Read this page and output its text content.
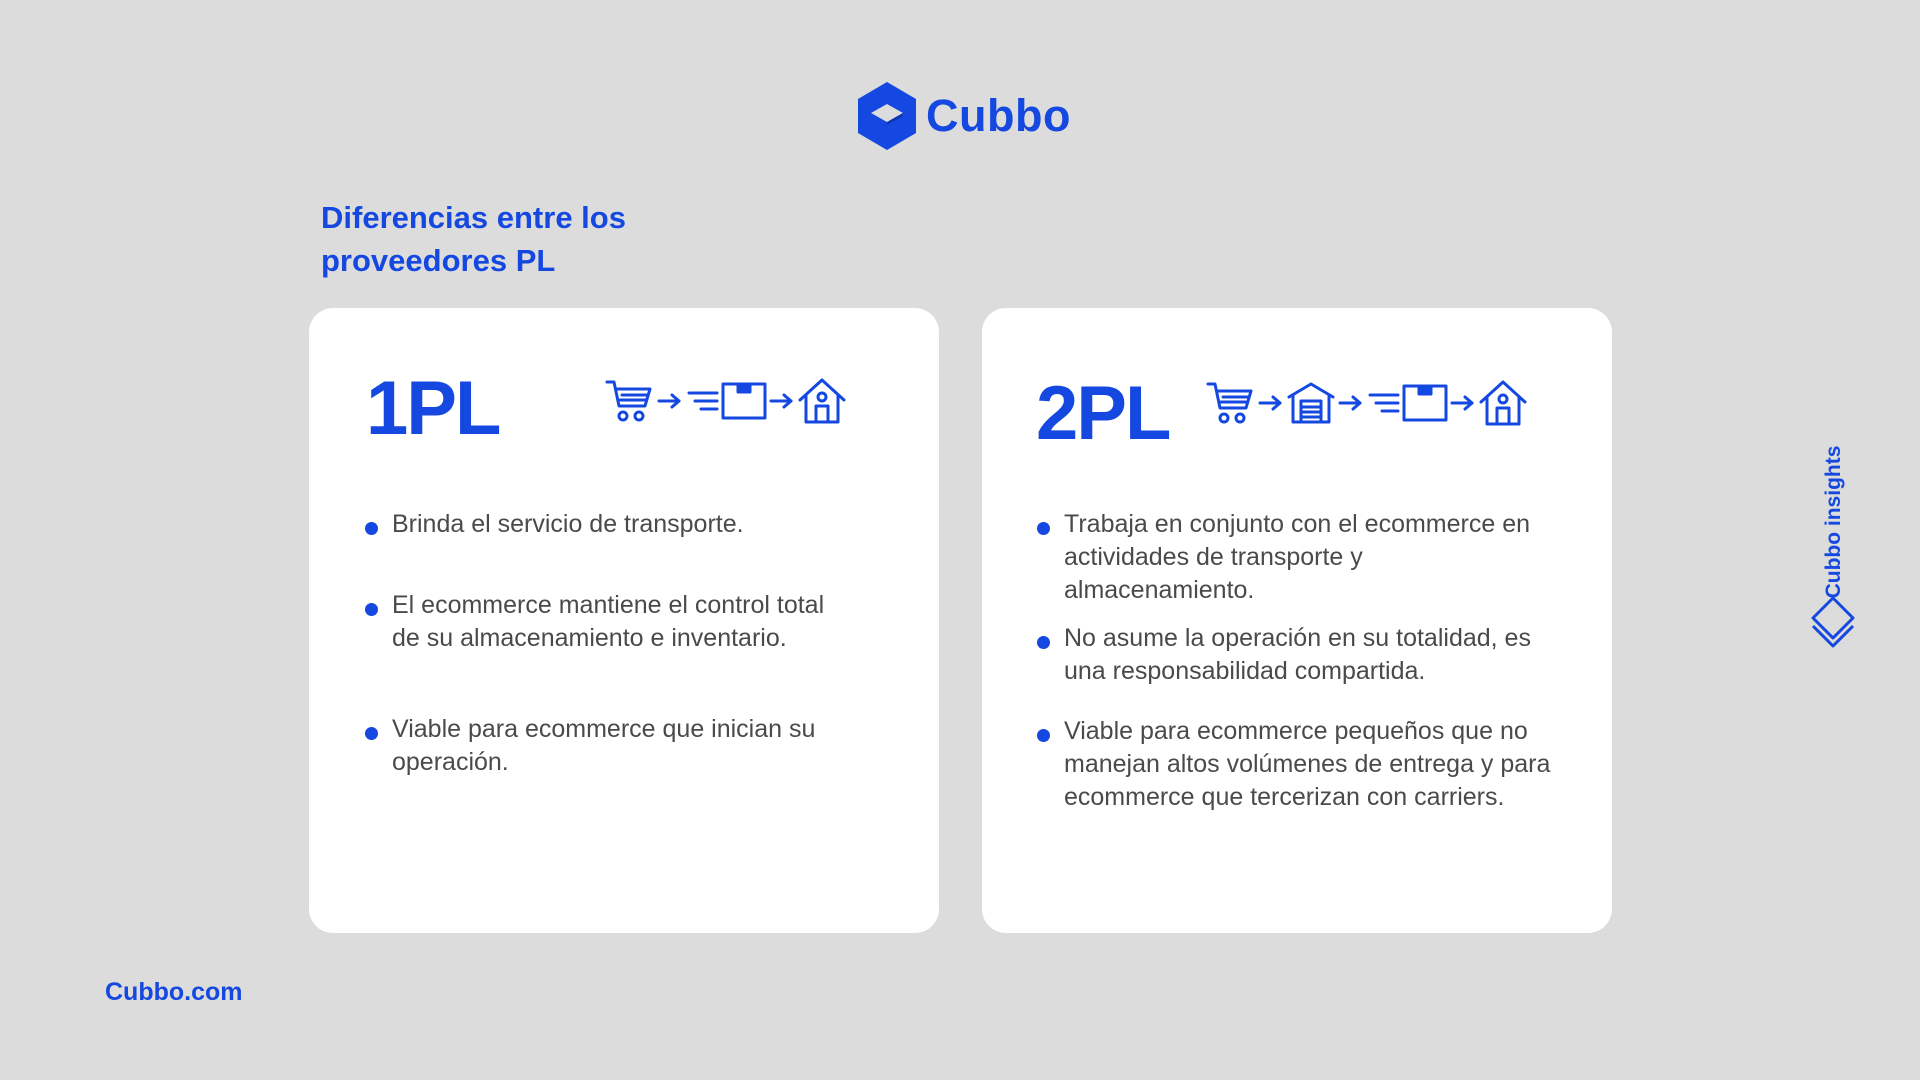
Cubbo
Diferencias entre los
proveedores PL
1PL
Brinda el servicio de transporte.
El ecommerce mantiene el control total de su almacenamiento e inventario.
Viable para ecommerce que inician su operación.
2PL
Trabaja en conjunto con el ecommerce en actividades de transporte y almacenamiento.
No asume la operación en su totalidad, es una responsabilidad compartida.
Viable para ecommerce pequeños que no manejan altos volúmenes de entrega y para ecommerce que tercerizan con carriers.
Cubbo.com
Cubbo insights
